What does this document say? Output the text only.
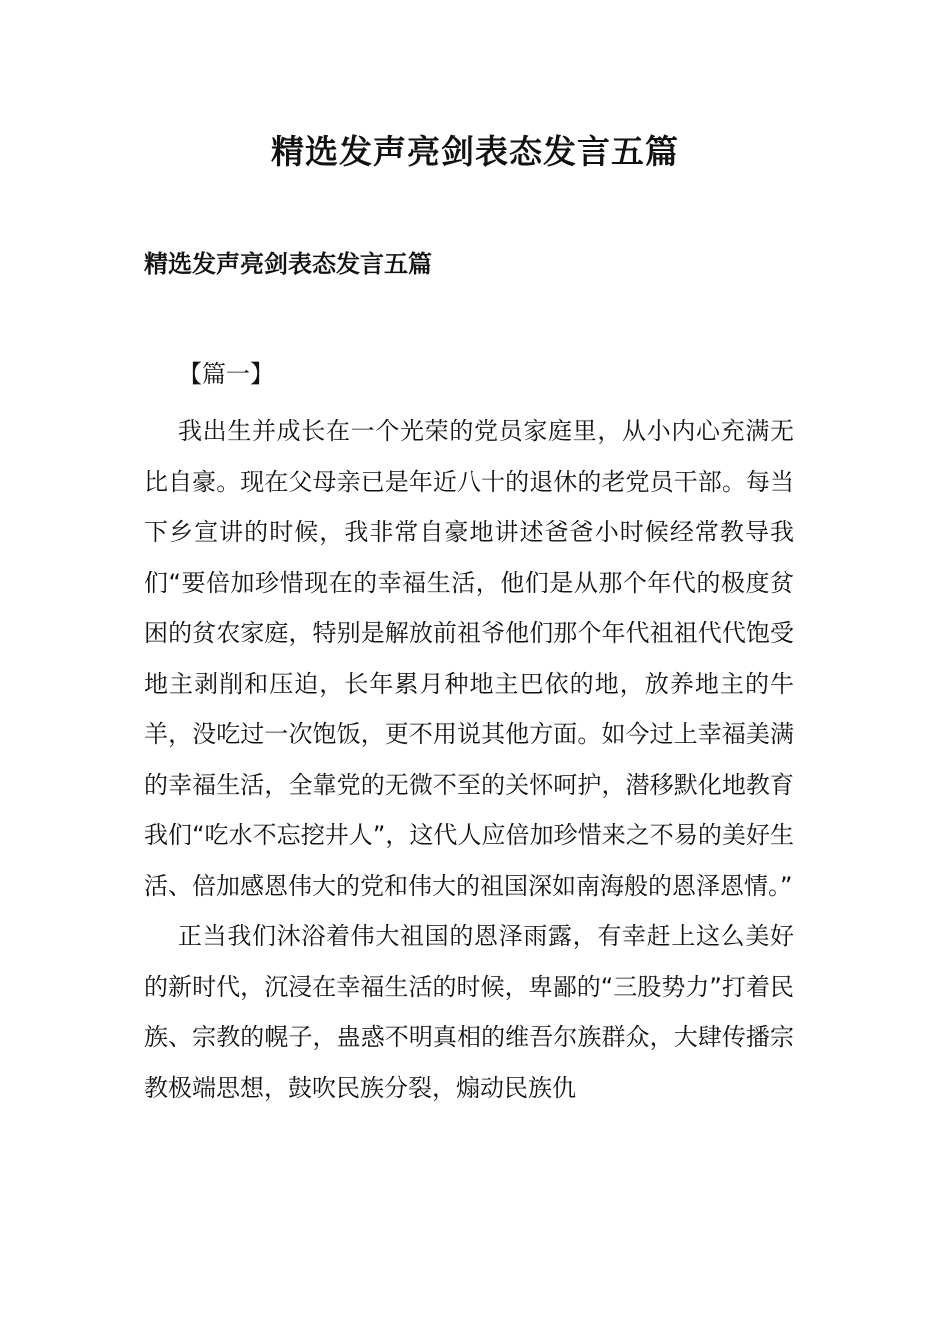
精选发声亮剑表态发言五篇
精选发声亮剑表态发言五篇
【篇一】

我出生并成长在一个光荣的党员家庭里，从小内心充满无比自豪。现在父母亲已是年近八十的退休的老党员干部。每当下乡宣讲的时候，我非常自豪地讲述爸爸小时候经常教导我们“要倍加珍惜现在的幸福生活，他们是从那个年代的极度贫困的贫农家庭，特别是解放前祖爷他们那个年代祖祖代代饱受地主剥削和压迫，长年累月种地主巴依的地，放养地主的牛羊，没吃过一次饱饭，更不用说其他方面。如今过上幸福美满的幸福生活，全靠党的无微不至的关怀呵护，潜移默化地教育我们“吃水不忘挖井人”，这代人应倍加珍惜来之不易的美好生活、倍加感恩伟大的党和伟大的祖国深如南海般的恩泽恩情。”

正当我们沐浴着伟大祖国的恩泽雨露，有幸赶上这么美好的新时代，沉浸在幸福生活的时候，卑鄙的“三股势力”打着民族、宗教的幌子，蛊惑不明真相的维吾尔族群众，大肆传播宗教极端思想，鼓吹民族分裂，煽动民族仇
